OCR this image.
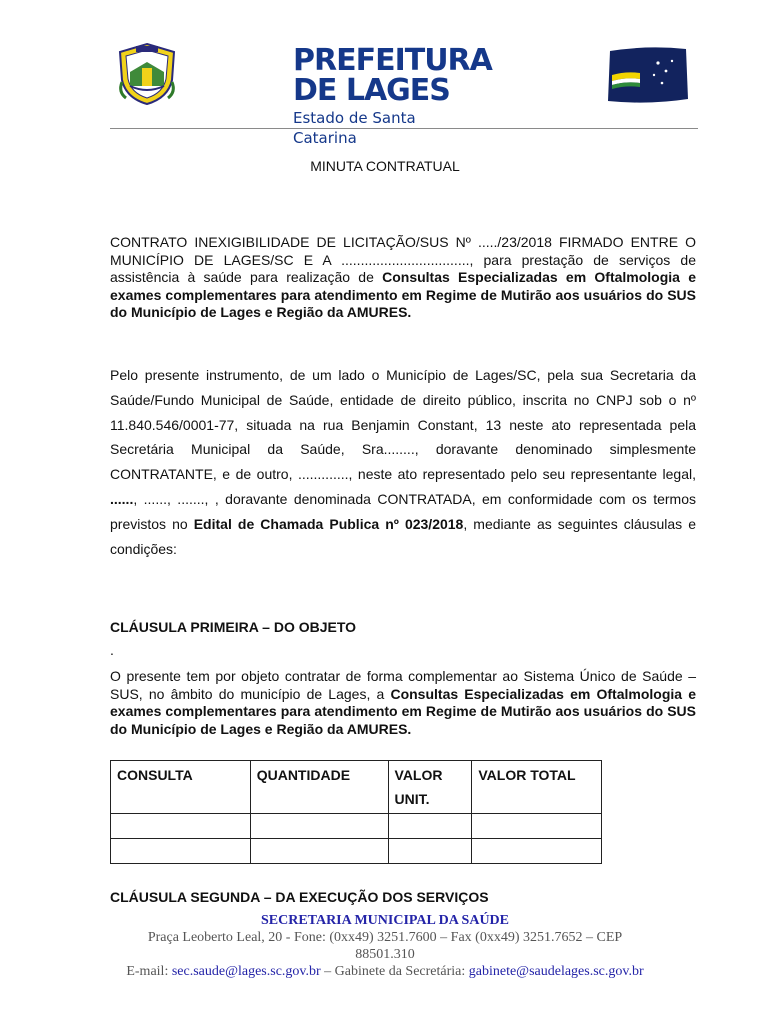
PREFEITURA
DE LAGES
Estado de Santa Catarina
MINUTA CONTRATUAL
CONTRATO INEXIGIBILIDADE DE LICITAÇÃO/SUS Nº ...../23/2018 FIRMADO ENTRE O MUNICÍPIO DE LAGES/SC E A ................................., para prestação de serviços de assistência à saúde para realização de Consultas Especializadas em Oftalmologia e exames complementares para atendimento em Regime de Mutirão aos usuários do SUS do Município de Lages e Região da AMURES.
Pelo presente instrumento, de um lado o Município de Lages/SC, pela sua Secretaria da Saúde/Fundo Municipal de Saúde, entidade de direito público, inscrita no CNPJ sob o nº 11.840.546/0001-77, situada na rua Benjamin Constant, 13 neste ato representada pela Secretária Municipal da Saúde, Sra........, doravante denominado simplesmente CONTRATANTE, e de outro, ............., neste ato representado pelo seu representante legal, ......, ......, ......., , doravante denominada CONTRATADA, em conformidade com os termos previstos no Edital de Chamada Publica nº 023/2018, mediante as seguintes cláusulas e condições:
CLÁUSULA PRIMEIRA – DO OBJETO
.
O presente tem por objeto contratar de forma complementar ao Sistema Único de Saúde – SUS, no âmbito do município de Lages, a Consultas Especializadas em Oftalmologia e exames complementares para atendimento em Regime de Mutirão aos usuários do SUS do Município de Lages e Região da AMURES.
CONSULTA	QUANTIDADE	VALOR UNIT.	VALOR TOTAL

CLÁUSULA SEGUNDA – DA EXECUÇÃO DOS SERVIÇOS
SECRETARIA MUNICIPAL DA SAÚDE
Praça Leoberto Leal, 20 - Fone: (0xx49) 3251.7600 – Fax (0xx49) 3251.7652 – CEP 88501.310
E-mail: sec.saude@lages.sc.gov.br – Gabinete da Secretária: gabinete@saudelages.sc.gov.br
